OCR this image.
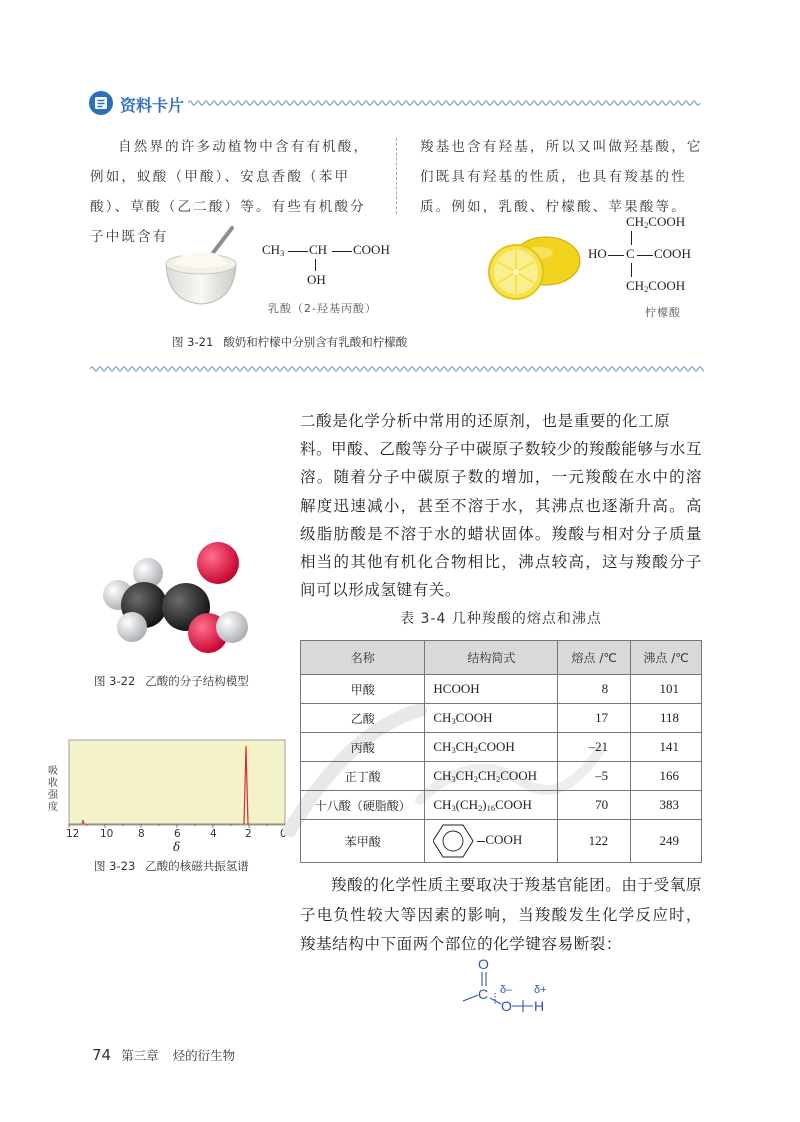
资料卡片
自然界的许多动植物中含有有机酸，例如，蚁酸（甲酸）、安息香酸（苯甲酸）、草酸（乙二酸）等。有些有机酸分子中既含有
羧基也含有羟基，所以又叫做羟基酸，它们既具有羟基的性质，也具有羧基的性质。例如，乳酸、柠檬酸、苹果酸等。
$CH_3$ CH COOH
OH
乳酸（2-羟基丙酸）
$CH_2COOH$
HO C COOH
$CH_2COOH$
柠檬酸
图 3-21 酸奶和柠檬中分别含有乳酸和柠檬酸
二酸是化学分析中常用的还原剂，也是重要的化工原料。
甲酸、乙酸等分子中碳原子数较少的羧酸能够与水互溶。随着分子中碳原子数的增加，一元羧酸在水中的溶解度迅速减小，甚至不溶于水，其沸点也逐渐升高。高级脂肪酸是不溶于水的蜡状固体。羧酸与相对分子质量相当的其他有机化合物相比，沸点较高，这与羧酸分子间可以形成氢键有关。
图 3-22 乙酸的分子结构模型
吸收强度
12 10 8	6	4	2	0
δ
图 3-23 乙酸的核磁共振氢谱
表 3-4 几种羧酸的熔点和沸点
名称	结构简式	熔点 /℃	沸点 /℃
甲酸	HCOOH	8	101
乙酸	$CH_3COOH$	17	118
丙酸	$CH_3CH_2COOH$	–21	141
正丁酸	$CH_3CH_2CH_2COOH$	–5	166
十八酸（硬脂酸）	$CH_3(CH_2)_{16}COOH$	70	383
苯甲酸	COOH	122	249
羧酸的化学性质主要取决于羧基官能团。由于受氧原子电负性较大等因素的影响，当羧酸发生化学反应时，羧基结构中下面两个部位的化学键容易断裂：
O
C
O H
δ– δ+
74 第三章 烃的衍生物
